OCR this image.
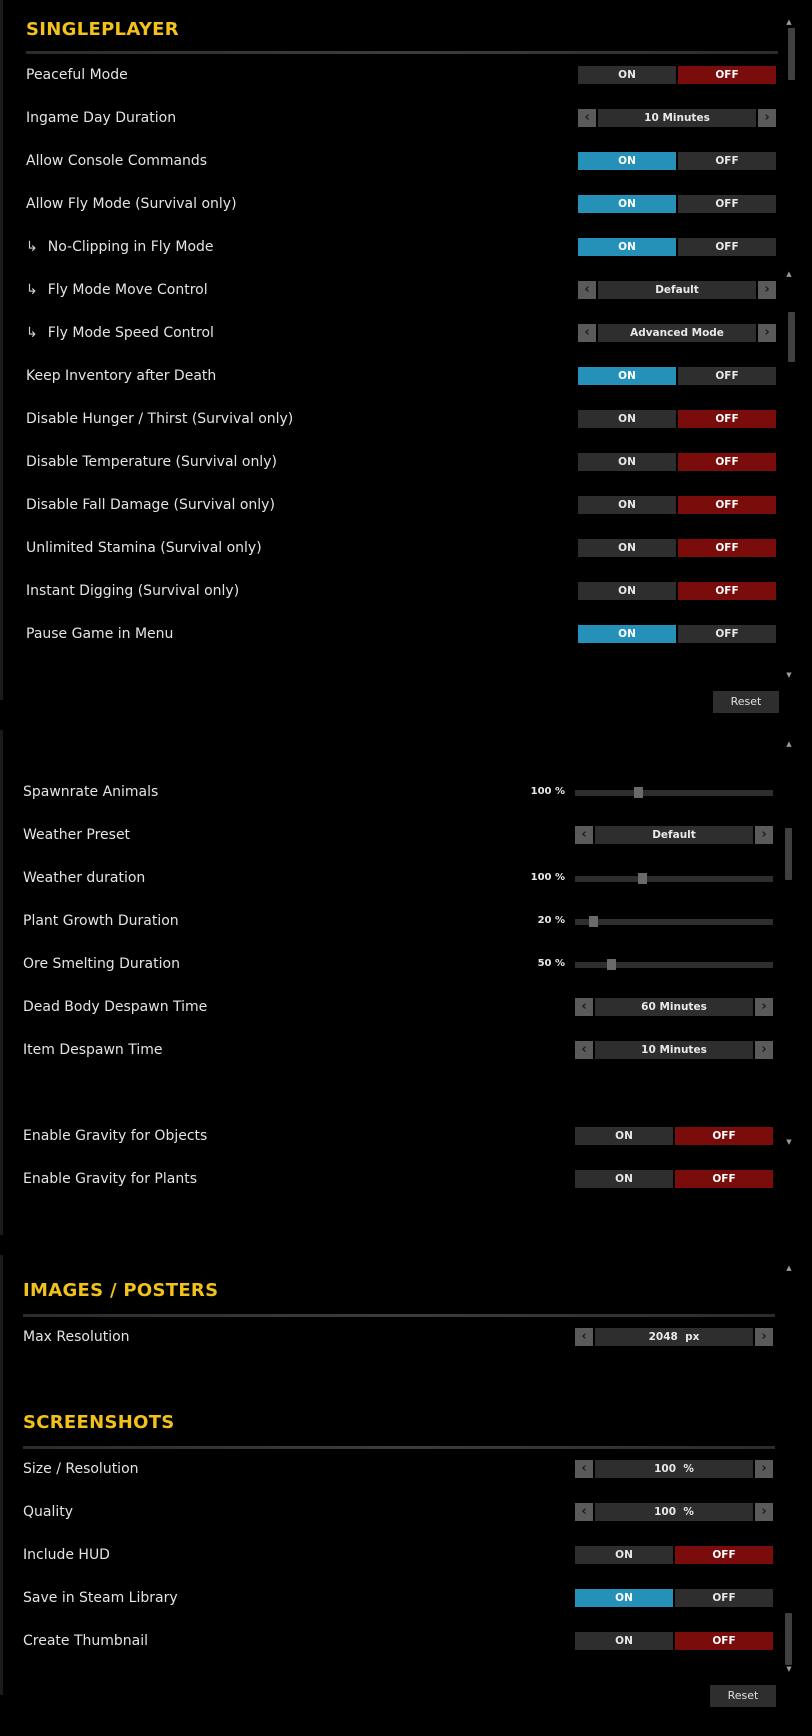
SINGLEPLAYER
Peaceful Mode	ON	OFF
Ingame Day Duration	‹	10 Minutes	›
Allow Console Commands	ON	OFF
Allow Fly Mode (Survival only)	ON	OFF
↳ No-Clipping in Fly Mode	ON	OFF
↳ Fly Mode Move Control	‹	Default	›
↳ Fly Mode Speed Control	‹	Advanced Mode	›
Keep Inventory after Death	ON	OFF
Disable Hunger / Thirst (Survival only)	ON	OFF
Disable Temperature (Survival only)	ON	OFF
Disable Fall Damage (Survival only)	ON	OFF
Unlimited Stamina (Survival only)	ON	OFF
Instant Digging (Survival only)	ON	OFF
Pause Game in Menu	ON	OFF
Reset
▲
▲
▼
Spawnrate Animals	100 %
Weather Preset	‹	Default	›
Weather duration	100 %
Plant Growth Duration	20 %
Ore Smelting Duration	50 %
Dead Body Despawn Time	‹	60 Minutes	›
Item Despawn Time	‹	10 Minutes	›
Enable Gravity for Objects	ON	OFF
Enable Gravity for Plants	ON	OFF
▲
▼
▲
IMAGES / POSTERS
Max Resolution	‹	2048  px	›
SCREENSHOTS
Size / Resolution	‹	100  %	›
Quality	‹	100  %	›
Include HUD	ON	OFF
Save in Steam Library	ON	OFF
Create Thumbnail	ON	OFF
Reset
▼
